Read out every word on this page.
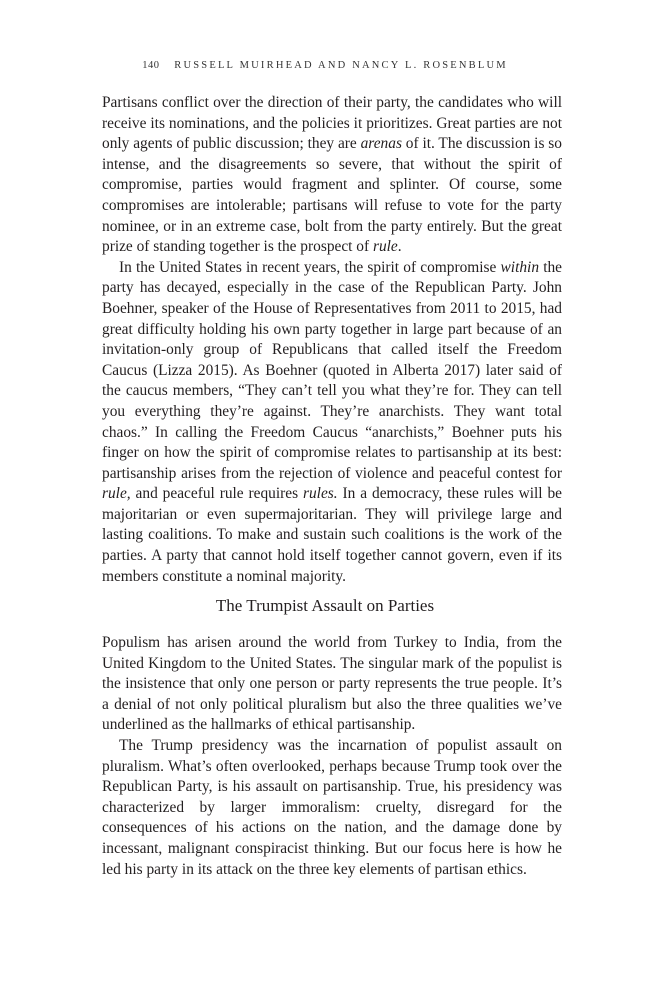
140 RUSSELL MUIRHEAD AND NANCY L. ROSENBLUM

Partisans conflict over the direction of their party, the candidates who will receive its nominations, and the policies it prioritizes. Great parties are not only agents of public discussion; they are arenas of it. The discussion is so intense, and the disagreements so severe, that without the spirit of compromise, parties would fragment and splinter. Of course, some compromises are intolerable; partisans will refuse to vote for the party nominee, or in an extreme case, bolt from the party entirely. But the great prize of standing together is the prospect of rule.

In the United States in recent years, the spirit of compromise within the party has decayed, especially in the case of the Republican Party. John Boehner, speaker of the House of Representatives from 2011 to 2015, had great difficulty holding his own party together in large part because of an invitation-only group of Republicans that called itself the Freedom Caucus (Lizza 2015). As Boehner (quoted in Alberta 2017) later said of the caucus members, “They can’t tell you what they’re for. They can tell you everything they’re against. They’re anarchists. They want total chaos.” In calling the Freedom Caucus “anarchists,” Boehner puts his finger on how the spirit of compromise relates to partisanship at its best: partisanship arises from the rejection of violence and peaceful contest for rule, and peaceful rule requires rules. In a democracy, these rules will be majoritarian or even supermajoritarian. They will privilege large and lasting coalitions. To make and sustain such coalitions is the work of the parties. A party that cannot hold itself together cannot govern, even if its members constitute a nominal majority.

The Trumpist Assault on Parties

Populism has arisen around the world from Turkey to India, from the United Kingdom to the United States. The singular mark of the populist is the insistence that only one person or party represents the true people. It’s a denial of not only political pluralism but also the three qualities we’ve underlined as the hallmarks of ethical partisanship.

The Trump presidency was the incarnation of populist assault on pluralism. What’s often overlooked, perhaps because Trump took over the Republican Party, is his assault on partisanship. True, his presidency was characterized by larger immoralism: cruelty, disregard for the consequences of his actions on the nation, and the damage done by incessant, malignant conspiracist thinking. But our focus here is how he led his party in its attack on the three key elements of partisan ethics.
